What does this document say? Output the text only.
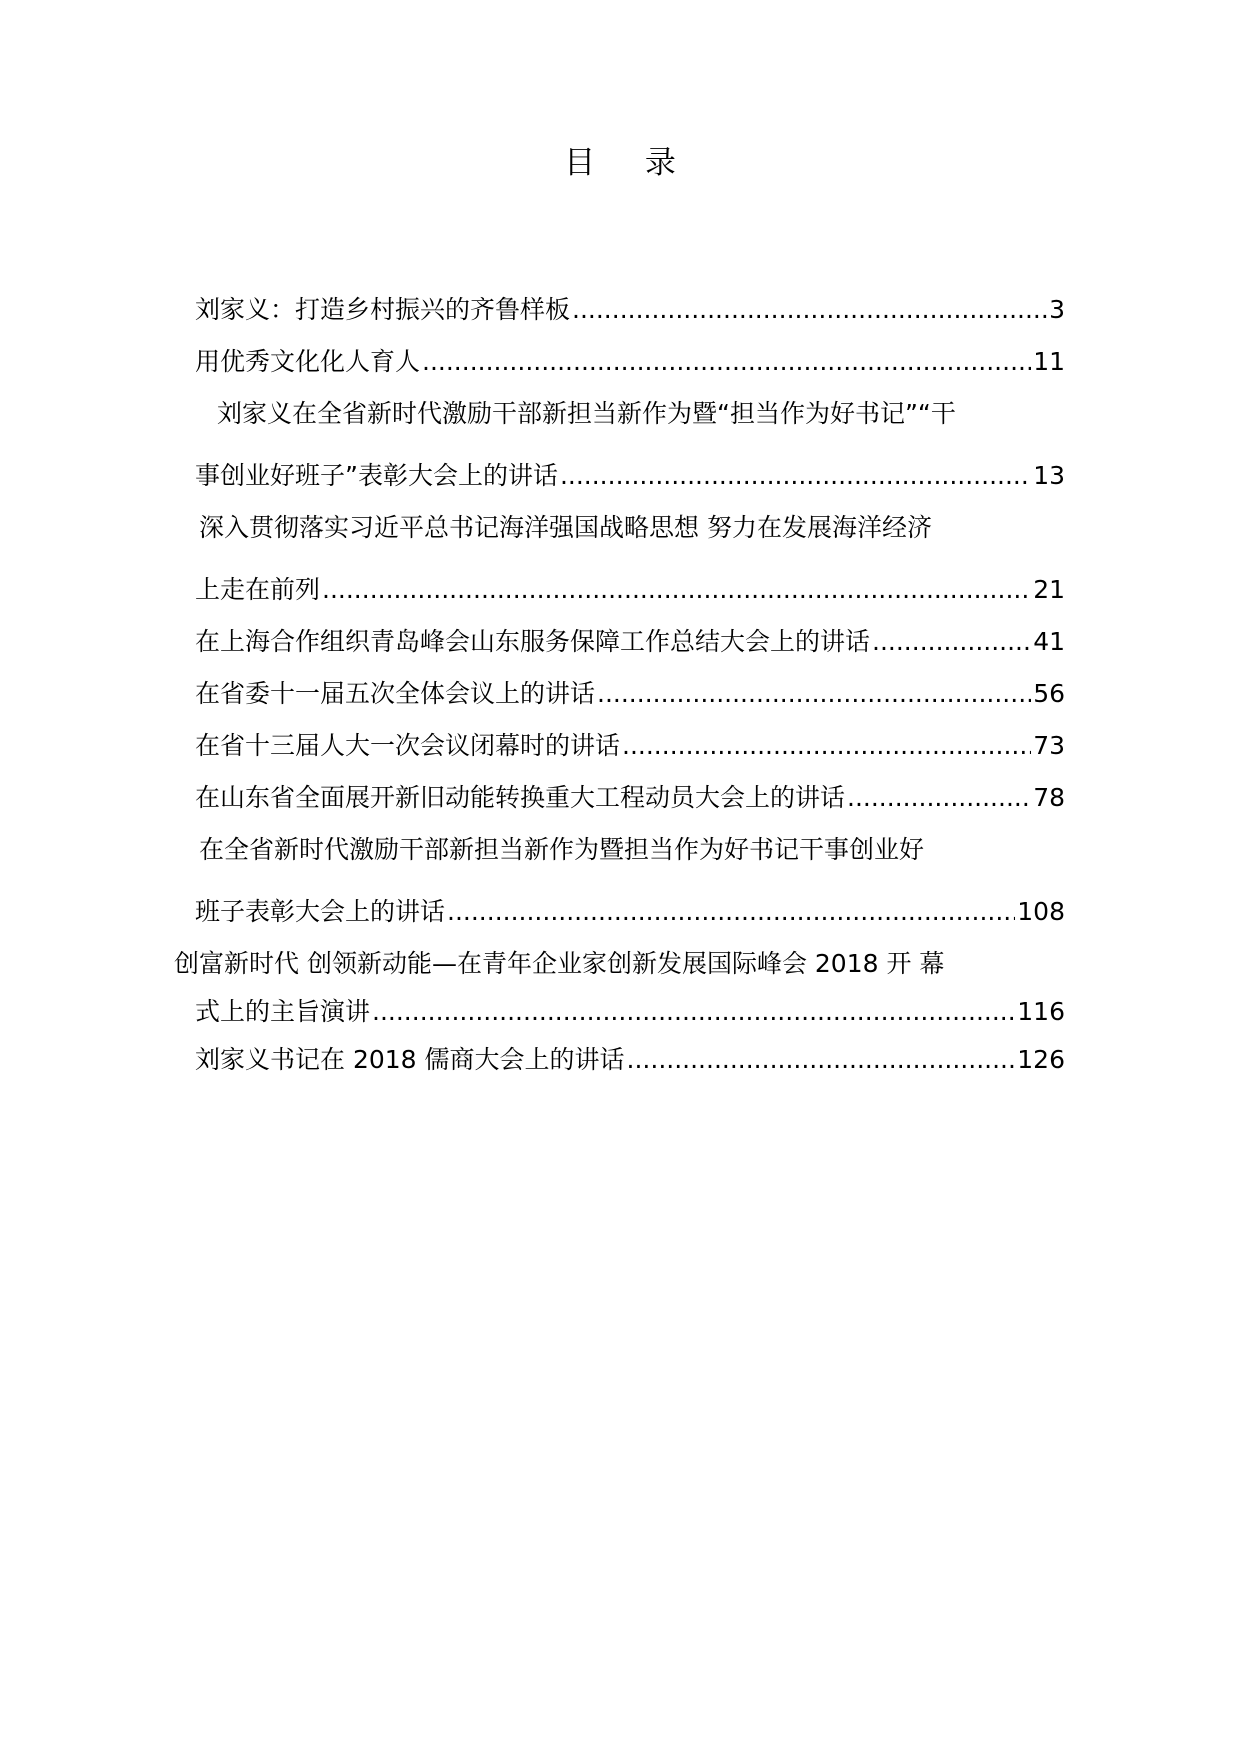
目 录
刘家义：打造乡村振兴的齐鲁样板 .....	3
用优秀文化化人育人 .....	11
刘家义在全省新时代激励干部新担当新作为暨“担当作为好书记”“干
事创业好班子”表彰大会上的讲话 .....	13
深入贯彻落实习近平总书记海洋强国战略思想 努力在发展海洋经济
上走在前列 .....	21
在上海合作组织青岛峰会山东服务保障工作总结大会上的讲话 .....	41
在省委十一届五次全体会议上的讲话 .....	56
在省十三届人大一次会议闭幕时的讲话 .....	73
在山东省全面展开新旧动能转换重大工程动员大会上的讲话 .....	78
在全省新时代激励干部新担当新作为暨担当作为好书记干事创业好
班子表彰大会上的讲话 .....	108
创富新时代 创领新动能—在青年企业家创新发展国际峰会 2018 开 幕
式上的主旨演讲 .....	116
刘家义书记在 2018 儒商大会上的讲话 .....	126
